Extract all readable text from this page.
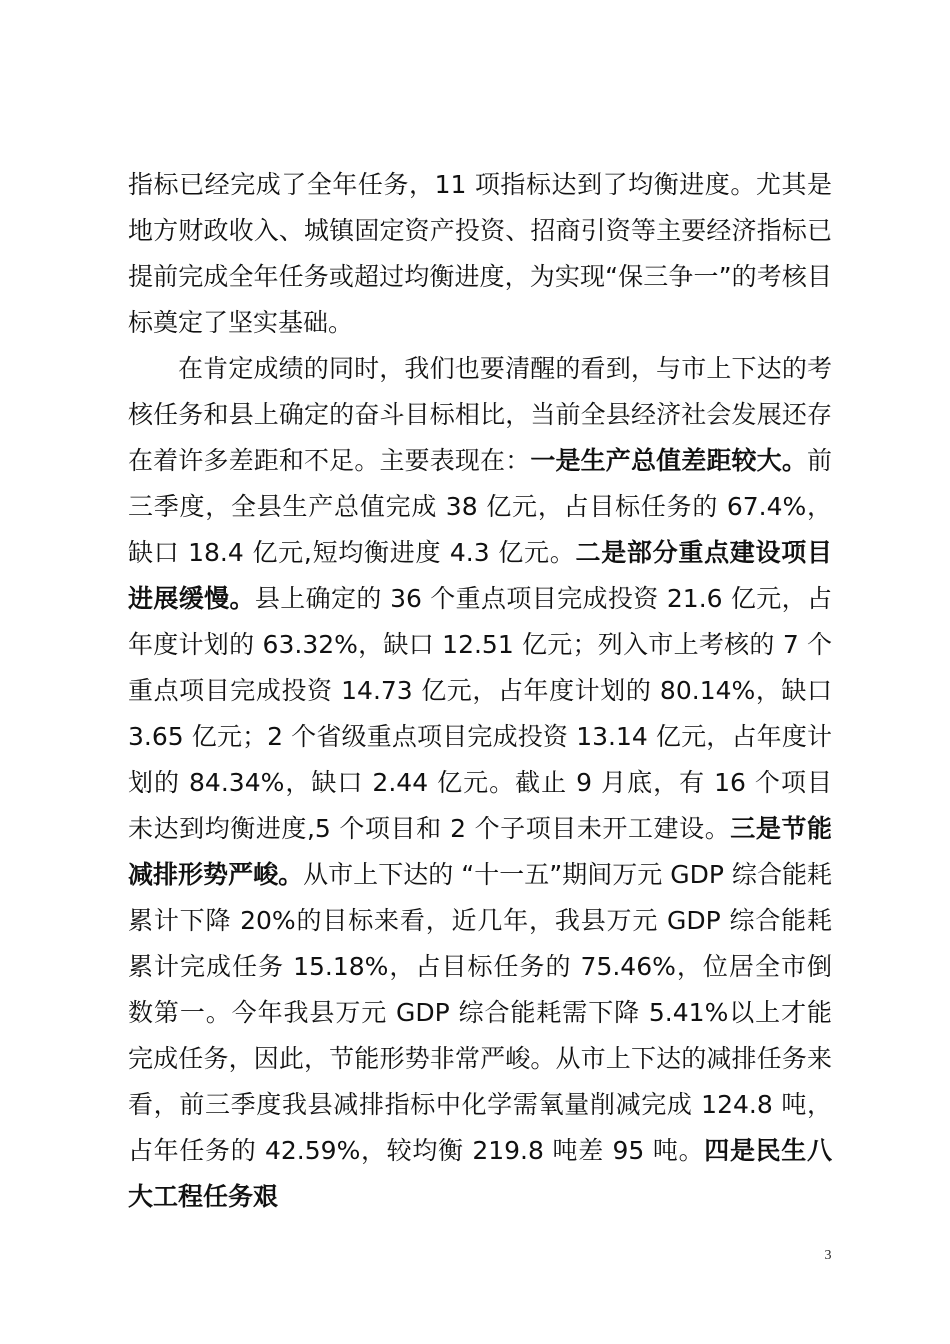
指标已经完成了全年任务，11 项指标达到了均衡进度。尤其是地方财政收入、城镇固定资产投资、招商引资等主要经济指标已提前完成全年任务或超过均衡进度，为实现“保三争一”的考核目标奠定了坚实基础。

在肯定成绩的同时，我们也要清醒的看到，与市上下达的考核任务和县上确定的奋斗目标相比，当前全县经济社会发展还存在着许多差距和不足。主要表现在：一是生产总值差距较大。前三季度，全县生产总值完成 38 亿元，占目标任务的 67.4%，缺口 18.4 亿元,短均衡进度 4.3 亿元。二是部分重点建设项目进展缓慢。县上确定的 36 个重点项目完成投资 21.6 亿元，占年度计划的 63.32%，缺口 12.51 亿元；列入市上考核的 7 个重点项目完成投资 14.73 亿元，占年度计划的 80.14%，缺口 3.65 亿元；2 个省级重点项目完成投资 13.14 亿元，占年度计划的 84.34%，缺口 2.44 亿元。截止 9 月底，有 16 个项目未达到均衡进度,5 个项目和 2 个子项目未开工建设。三是节能减排形势严峻。从市上下达的 “十一五”期间万元 GDP 综合能耗累计下降 20%的目标来看，近几年，我县万元 GDP 综合能耗累计完成任务 15.18%，占目标任务的 75.46%，位居全市倒数第一。今年我县万元 GDP 综合能耗需下降 5.41%以上才能完成任务，因此，节能形势非常严峻。从市上下达的减排任务来看，前三季度我县减排指标中化学需氧量削减完成 124.8 吨，占年任务的 42.59%，较均衡 219.8 吨差 95 吨。四是民生八大工程任务艰

3
